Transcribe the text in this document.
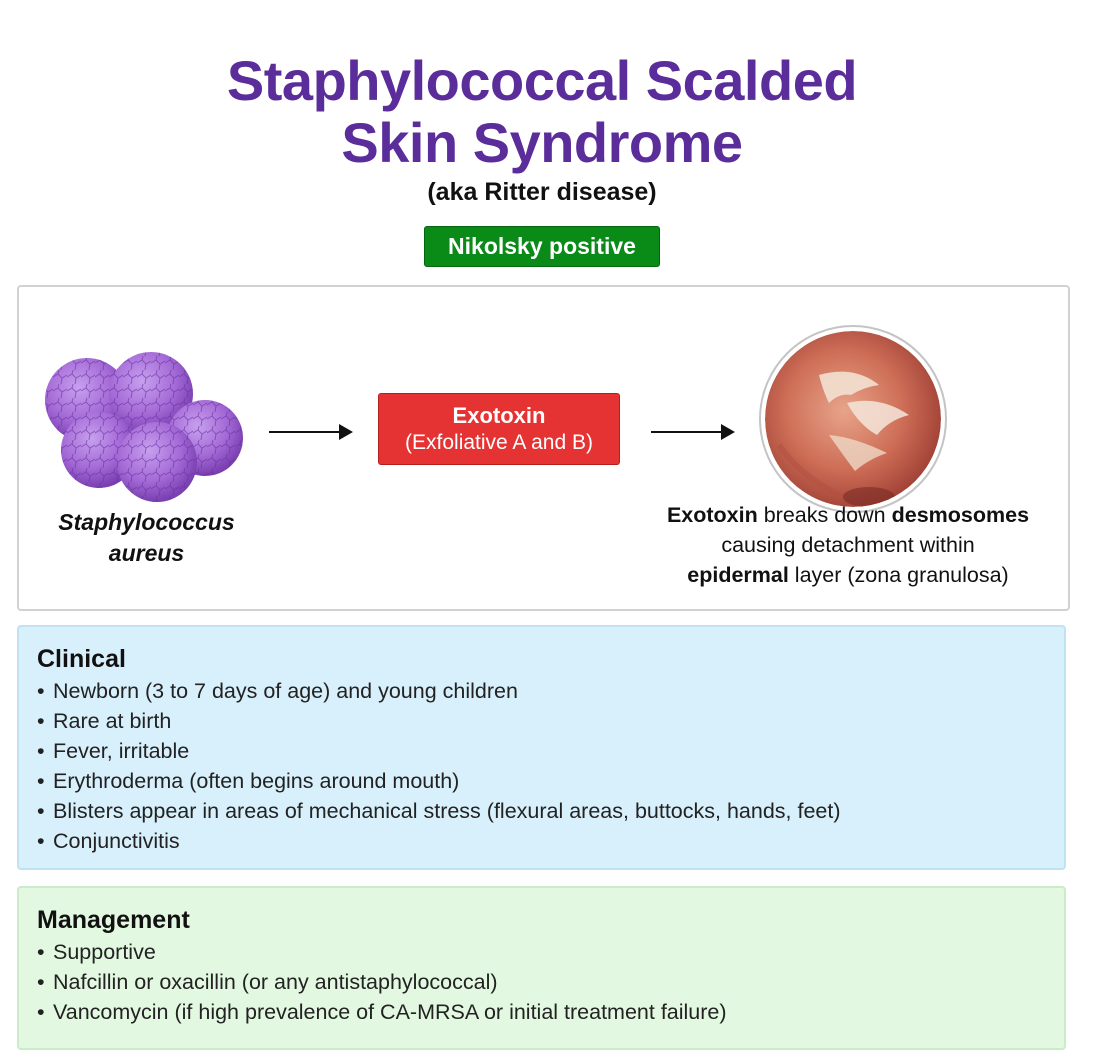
Staphylococcal Scalded
Skin Syndrome
(aka Ritter disease)
Nikolsky positive
Staphylococcus
aureus
Exotoxin
(Exfoliative A and B)
Exotoxin breaks down desmosomes
causing detachment within
epidermal layer (zona granulosa)
Clinical
• Newborn (3 to 7 days of age) and young children
• Rare at birth
• Fever, irritable
• Erythroderma (often begins around mouth)
• Blisters appear in areas of mechanical stress (flexural areas, buttocks, hands, feet)
• Conjunctivitis
Management
• Supportive
• Nafcillin or oxacillin (or any antistaphylococcal)
• Vancomycin (if high prevalence of CA-MRSA or initial treatment failure)
